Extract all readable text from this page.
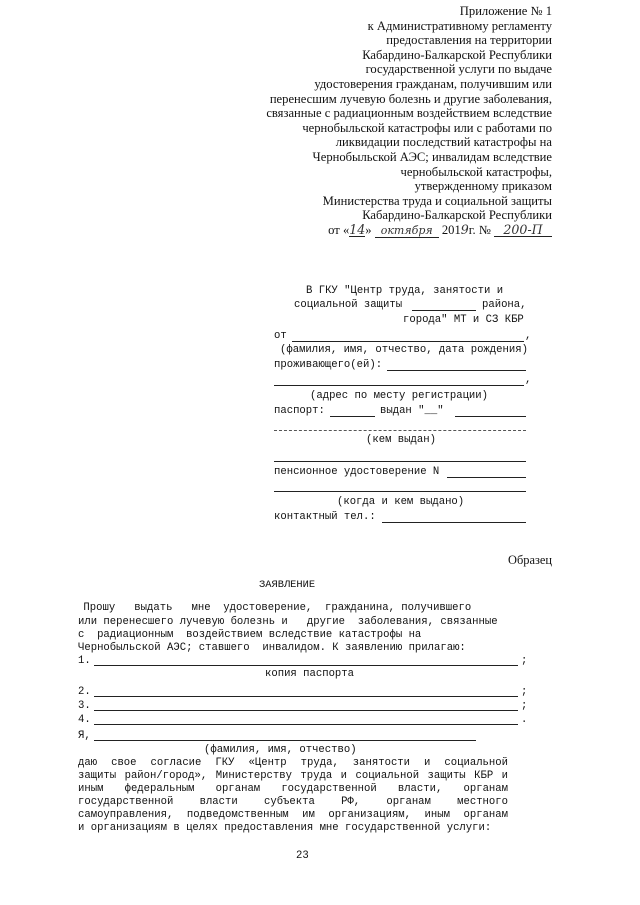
Приложение № 1
к Административному регламенту
предоставления на территории
Кабардино-Балкарской Республики
государственной услуги по выдаче
удостоверения гражданам, получившим или
перенесшим лучевую болезнь и другие заболевания,
связанные с радиационным воздействием вследствие
чернобыльской катастрофы или с работами по
ликвидации последствий катастрофы на
Чернобыльской АЭС; инвалидам вследствие
чернобыльской катастрофы,
утвержденному приказом
Министерства труда и социальной защиты
Кабардино-Балкарской Республики
от «14» октября 2019г. № 200-П
В ГКУ "Центр труда, занятости и
социальной защиты	района,
города" МТ и СЗ КБР
от	,
(фамилия, имя, отчество, дата рождения)
проживающего(ей):
,
(адрес по месту регистрации)
паспорт:	выдан "__"
(кем выдан)
пенсионное удостоверение N
(когда и кем выдано)
контактный тел.:
Образец
ЗАЯВЛЕНИЕ
Прошу   выдать   мне  удостоверение,  гражданина, получившего
или перенесшего лучевую болезнь и   другие  заболевания, связанные
с  радиационным  воздействием вследствие катастрофы на
Чернобыльской АЭС; ставшего  инвалидом. К заявлению прилагаю:
1.	;
копия паспорта
2.	;
3.	;
4.	.
Я,
(фамилия, имя, отчество)
даю свое согласие ГКУ «Центр труда, занятости и социальной
защиты район/город», Министерству труда и социальной защиты КБР и
иным федеральным органам государственной власти, органам
государственной власти субъекта РФ, органам местного
самоуправления, подведомственным им организациям, иным органам
и организациям в целях предоставления мне государственной услуги:
23
